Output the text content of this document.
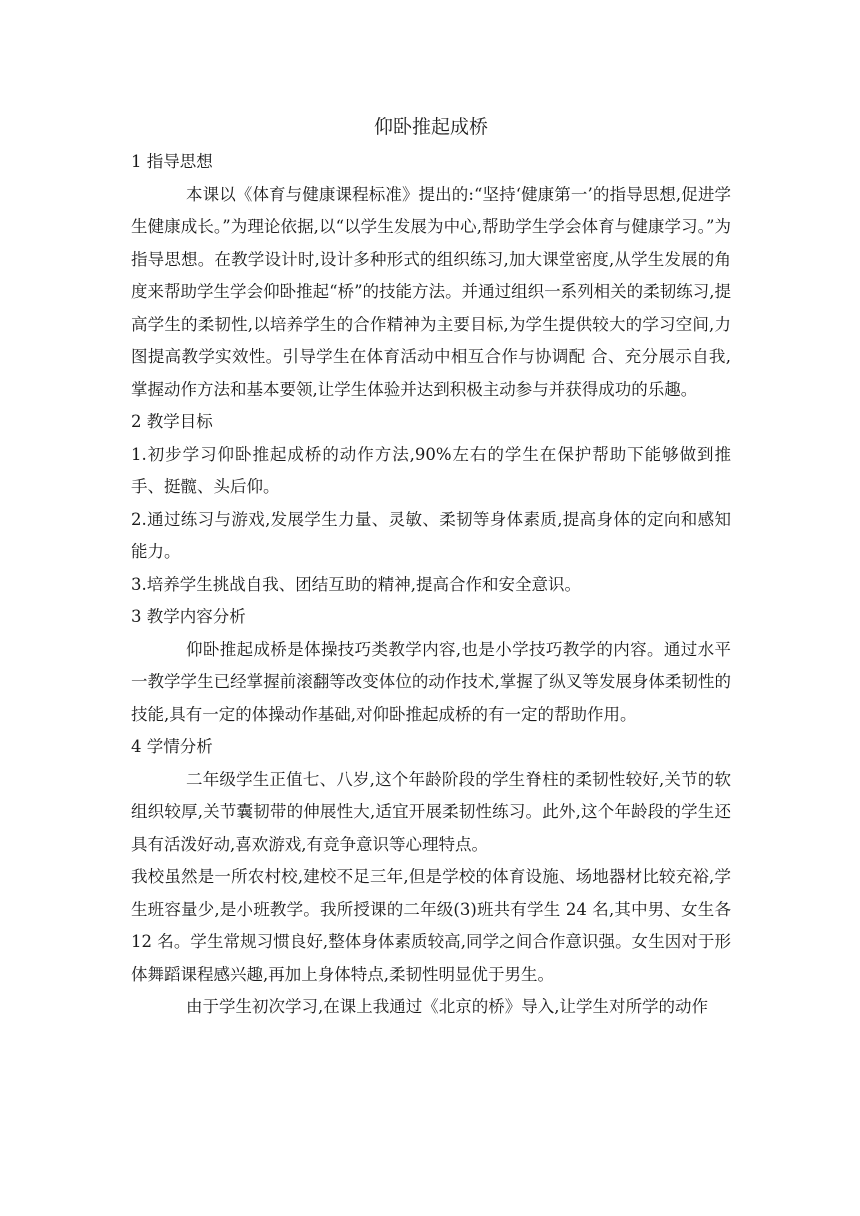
仰卧推起成桥

1 指导思想

本课以《体育与健康课程标准》提出的:“坚持‘健康第一’的指导思想,促进学生健康成长。”为理论依据,以“以学生发展为中心,帮助学生学会体育与健康学习。”为指导思想。在教学设计时,设计多种形式的组织练习,加大课堂密度,从学生发展的角度来帮助学生学会仰卧推起“桥”的技能方法。并通过组织一系列相关的柔韧练习,提高学生的柔韧性,以培养学生的合作精神为主要目标,为学生提供较大的学习空间,力图提高教学实效性。引导学生在体育活动中相互合作与协调配 合、充分展示自我,掌握动作方法和基本要领,让学生体验并达到积极主动参与并获得成功的乐趣。

2 教学目标

1.初步学习仰卧推起成桥的动作方法,90%左右的学生在保护帮助下能够做到推手、挺髋、头后仰。

2.通过练习与游戏,发展学生力量、灵敏、柔韧等身体素质,提高身体的定向和感知能力。

3.培养学生挑战自我、团结互助的精神,提高合作和安全意识。

3 教学内容分析

仰卧推起成桥是体操技巧类教学内容,也是小学技巧教学的内容。通过水平一教学学生已经掌握前滚翻等改变体位的动作技术,掌握了纵叉等发展身体柔韧性的技能,具有一定的体操动作基础,对仰卧推起成桥的有一定的帮助作用。

4 学情分析

二年级学生正值七、八岁,这个年龄阶段的学生脊柱的柔韧性较好,关节的软组织较厚,关节囊韧带的伸展性大,适宜开展柔韧性练习。此外,这个年龄段的学生还具有活泼好动,喜欢游戏,有竞争意识等心理特点。

我校虽然是一所农村校,建校不足三年,但是学校的体育设施、场地器材比较充裕,学生班容量少,是小班教学。我所授课的二年级(3)班共有学生 24 名,其中男、女生各 12 名。学生常规习惯良好,整体身体素质较高,同学之间合作意识强。女生因对于形体舞蹈课程感兴趣,再加上身体特点,柔韧性明显优于男生。

由于学生初次学习,在课上我通过《北京的桥》导入,让学生对所学的动作
